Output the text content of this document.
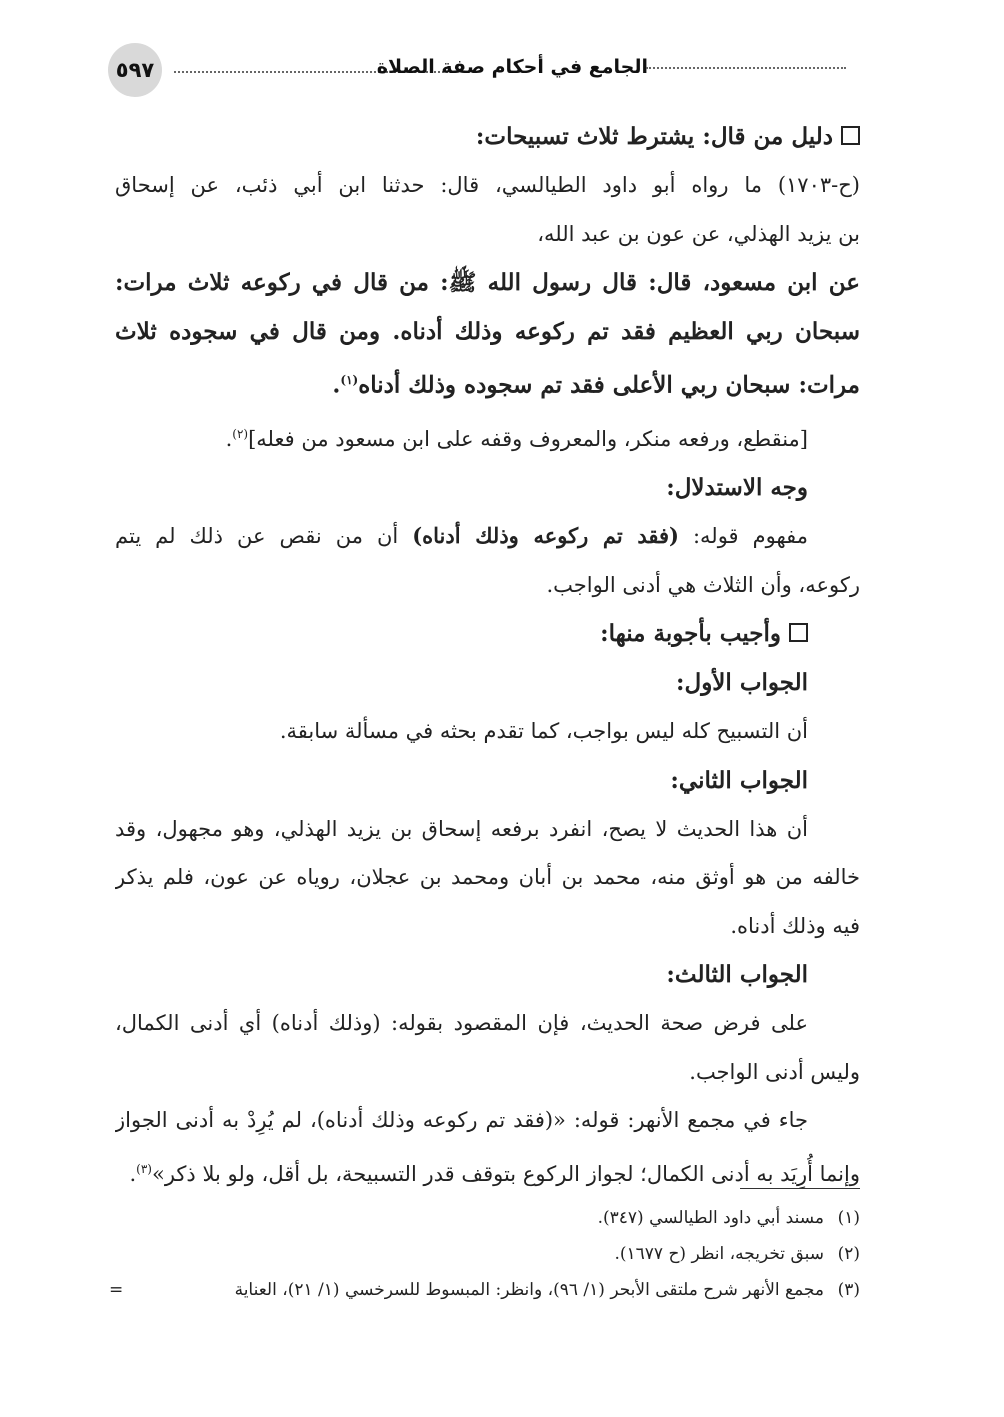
٥٩٧	الجامع في أحكام صفة الصلاة
دليل من قال: يشترط ثلاث تسبيحات:
(ح-١٧٠٣) ما رواه أبو داود الطيالسي، قال: حدثنا ابن أبي ذئب، عن إسحاق
بن يزيد الهذلي، عن عون بن عبد الله،
عن ابن مسعود، قال: قال رسول الله ﷺ: من قال في ركوعه ثلاث مرات:
سبحان ربي العظيم فقد تم ركوعه وذلك أدناه. ومن قال في سجوده ثلاث
مرات: سبحان ربي الأعلى فقد تم سجوده وذلك أدناه$^{(١)}$.
[منقطع، ورفعه منكر، والمعروف وقفه على ابن مسعود من فعله]$^{(٢)}$.
وجه الاستدلال:
مفهوم قوله: (فقد تم ركوعه وذلك أدناه) أن من نقص عن ذلك لم يتم
ركوعه، وأن الثلاث هي أدنى الواجب.
وأجيب بأجوبة منها:
الجواب الأول:
أن التسبيح كله ليس بواجب، كما تقدم بحثه في مسألة سابقة.
الجواب الثاني:
أن هذا الحديث لا يصح، انفرد برفعه إسحاق بن يزيد الهذلي، وهو مجهول، وقد
خالفه من هو أوثق منه، محمد بن أبان ومحمد بن عجلان، روياه عن عون، فلم يذكر
فيه وذلك أدناه.
الجواب الثالث:
على فرض صحة الحديث، فإن المقصود بقوله: (وذلك أدناه) أي أدنى الكمال،
وليس أدنى الواجب.
جاء في مجمع الأنهر: قوله: «(فقد تم ركوعه وذلك أدناه)، لم يُرِدْ به أدنى الجواز
وإنما أُرِيَد به أدنى الكمال؛ لجواز الركوع بتوقف قدر التسبيحة، بل أقل، ولو بلا ذكر»$^{(٣)}$.
(١)مسند أبي داود الطيالسي (٣٤٧).
(٢)سبق تخريجه، انظر (ح ١٦٧٧).
(٣)مجمع الأنهر شرح ملتقى الأبحر (١/ ٩٦)، وانظر: المبسوط للسرخسي (١/ ٢١)، العناية
=
